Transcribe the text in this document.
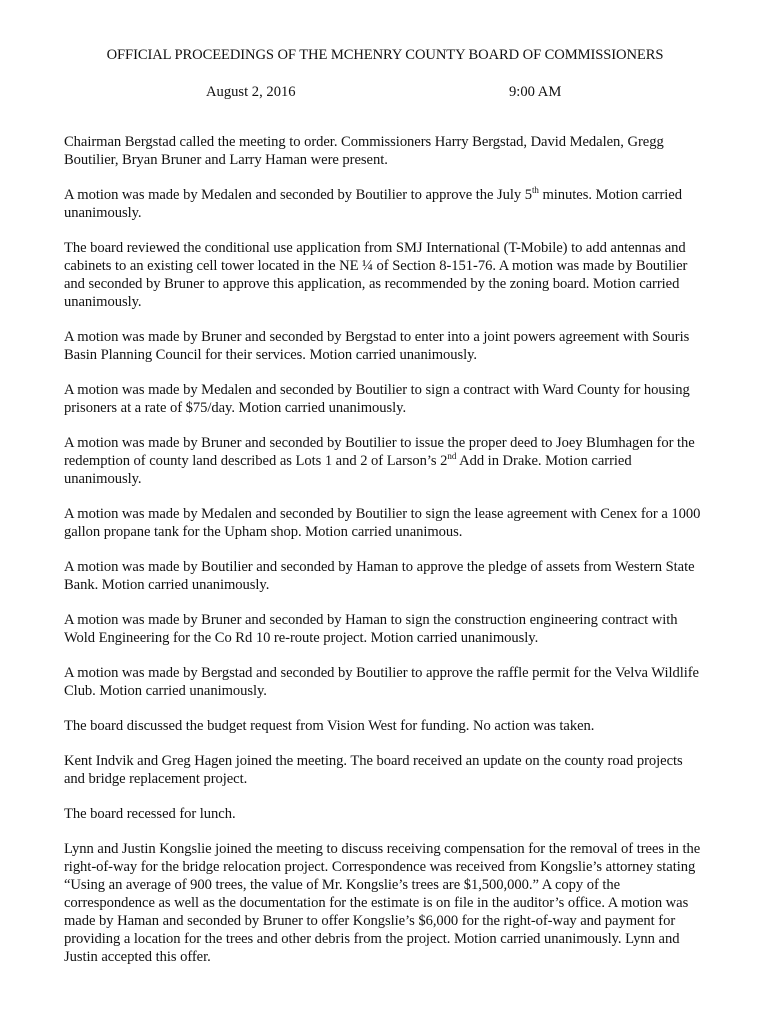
OFFICIAL PROCEEDINGS OF THE MCHENRY COUNTY BOARD OF COMMISSIONERS

August 2, 2016	9:00 AM

Chairman Bergstad called the meeting to order. Commissioners Harry Bergstad, David Medalen, Gregg Boutilier, Bryan Bruner and Larry Haman were present.

A motion was made by Medalen and seconded by Boutilier to approve the July 5th minutes. Motion carried unanimously.

The board reviewed the conditional use application from SMJ International (T-Mobile) to add antennas and cabinets to an existing cell tower located in the NE ¼ of Section 8-151-76. A motion was made by Boutilier and seconded by Bruner to approve this application, as recommended by the zoning board. Motion carried unanimously.

A motion was made by Bruner and seconded by Bergstad to enter into a joint powers agreement with Souris Basin Planning Council for their services. Motion carried unanimously.

A motion was made by Medalen and seconded by Boutilier to sign a contract with Ward County for housing prisoners at a rate of $75/day. Motion carried unanimously.

A motion was made by Bruner and seconded by Boutilier to issue the proper deed to Joey Blumhagen for the redemption of county land described as Lots 1 and 2 of Larson’s 2nd Add in Drake. Motion carried unanimously.

A motion was made by Medalen and seconded by Boutilier to sign the lease agreement with Cenex for a 1000 gallon propane tank for the Upham shop. Motion carried unanimous.

A motion was made by Boutilier and seconded by Haman to approve the pledge of assets from Western State Bank. Motion carried unanimously.

A motion was made by Bruner and seconded by Haman to sign the construction engineering contract with Wold Engineering for the Co Rd 10 re-route project. Motion carried unanimously.

A motion was made by Bergstad and seconded by Boutilier to approve the raffle permit for the Velva Wildlife Club. Motion carried unanimously.

The board discussed the budget request from Vision West for funding. No action was taken.

Kent Indvik and Greg Hagen joined the meeting. The board received an update on the county road projects and bridge replacement project.

The board recessed for lunch.

Lynn and Justin Kongslie joined the meeting to discuss receiving compensation for the removal of trees in the right-of-way for the bridge relocation project. Correspondence was received from Kongslie’s attorney stating “Using an average of 900 trees, the value of Mr. Kongslie’s trees are $1,500,000.” A copy of the correspondence as well as the documentation for the estimate is on file in the auditor’s office. A motion was made by Haman and seconded by Bruner to offer Kongslie’s $6,000 for the right-of-way and payment for providing a location for the trees and other debris from the project. Motion carried unanimously. Lynn and Justin accepted this offer.
